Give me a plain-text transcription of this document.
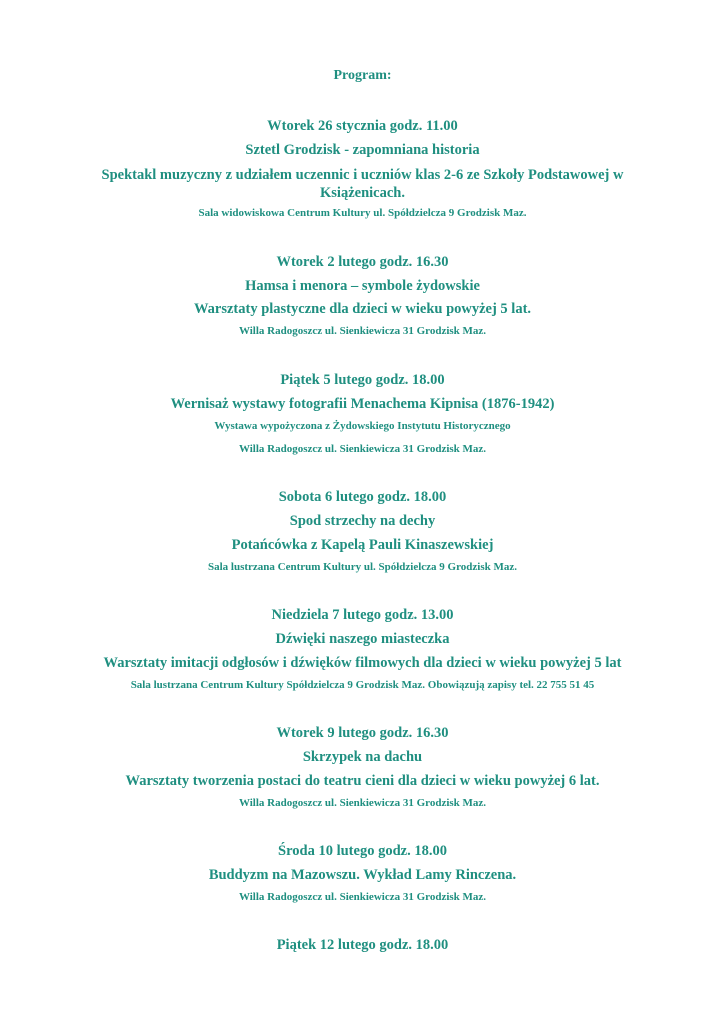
Program:
Wtorek 26 stycznia godz. 11.00
Sztetl Grodzisk - zapomniana historia
Spektakl muzyczny z udziałem uczennic i uczniów klas 2-6 ze Szkoły Podstawowej w Książenicach.
Sala widowiskowa Centrum Kultury ul. Spółdzielcza 9 Grodzisk Maz.
Wtorek 2 lutego godz. 16.30
Hamsa i menora – symbole żydowskie
Warsztaty plastyczne dla dzieci w wieku powyżej 5 lat.
Willa Radogoszcz ul. Sienkiewicza 31 Grodzisk Maz.
Piątek 5 lutego godz. 18.00
Wernisaż wystawy fotografii Menachema Kipnisa (1876-1942)
Wystawa wypożyczona z Żydowskiego Instytutu Historycznego
Willa Radogoszcz ul. Sienkiewicza 31 Grodzisk Maz.
Sobota 6 lutego godz. 18.00
Spod strzechy na dechy
Potańcówka z Kapelą Pauli Kinaszewskiej
Sala lustrzana Centrum Kultury ul. Spółdzielcza 9 Grodzisk Maz.
Niedziela 7 lutego godz. 13.00
Dźwięki naszego miasteczka
Warsztaty imitacji odgłosów i dźwięków filmowych dla dzieci w wieku powyżej 5 lat
Sala lustrzana Centrum Kultury Spółdzielcza 9 Grodzisk Maz. Obowiązują zapisy tel. 22 755 51 45
Wtorek 9 lutego godz. 16.30
Skrzypek na dachu
Warsztaty tworzenia postaci do teatru cieni dla dzieci w wieku powyżej 6 lat.
Willa Radogoszcz ul. Sienkiewicza 31 Grodzisk Maz.
Środa 10 lutego godz. 18.00
Buddyzm na Mazowszu. Wykład Lamy Rinczena.
Willa Radogoszcz ul. Sienkiewicza 31 Grodzisk Maz.
Piątek 12 lutego godz. 18.00
